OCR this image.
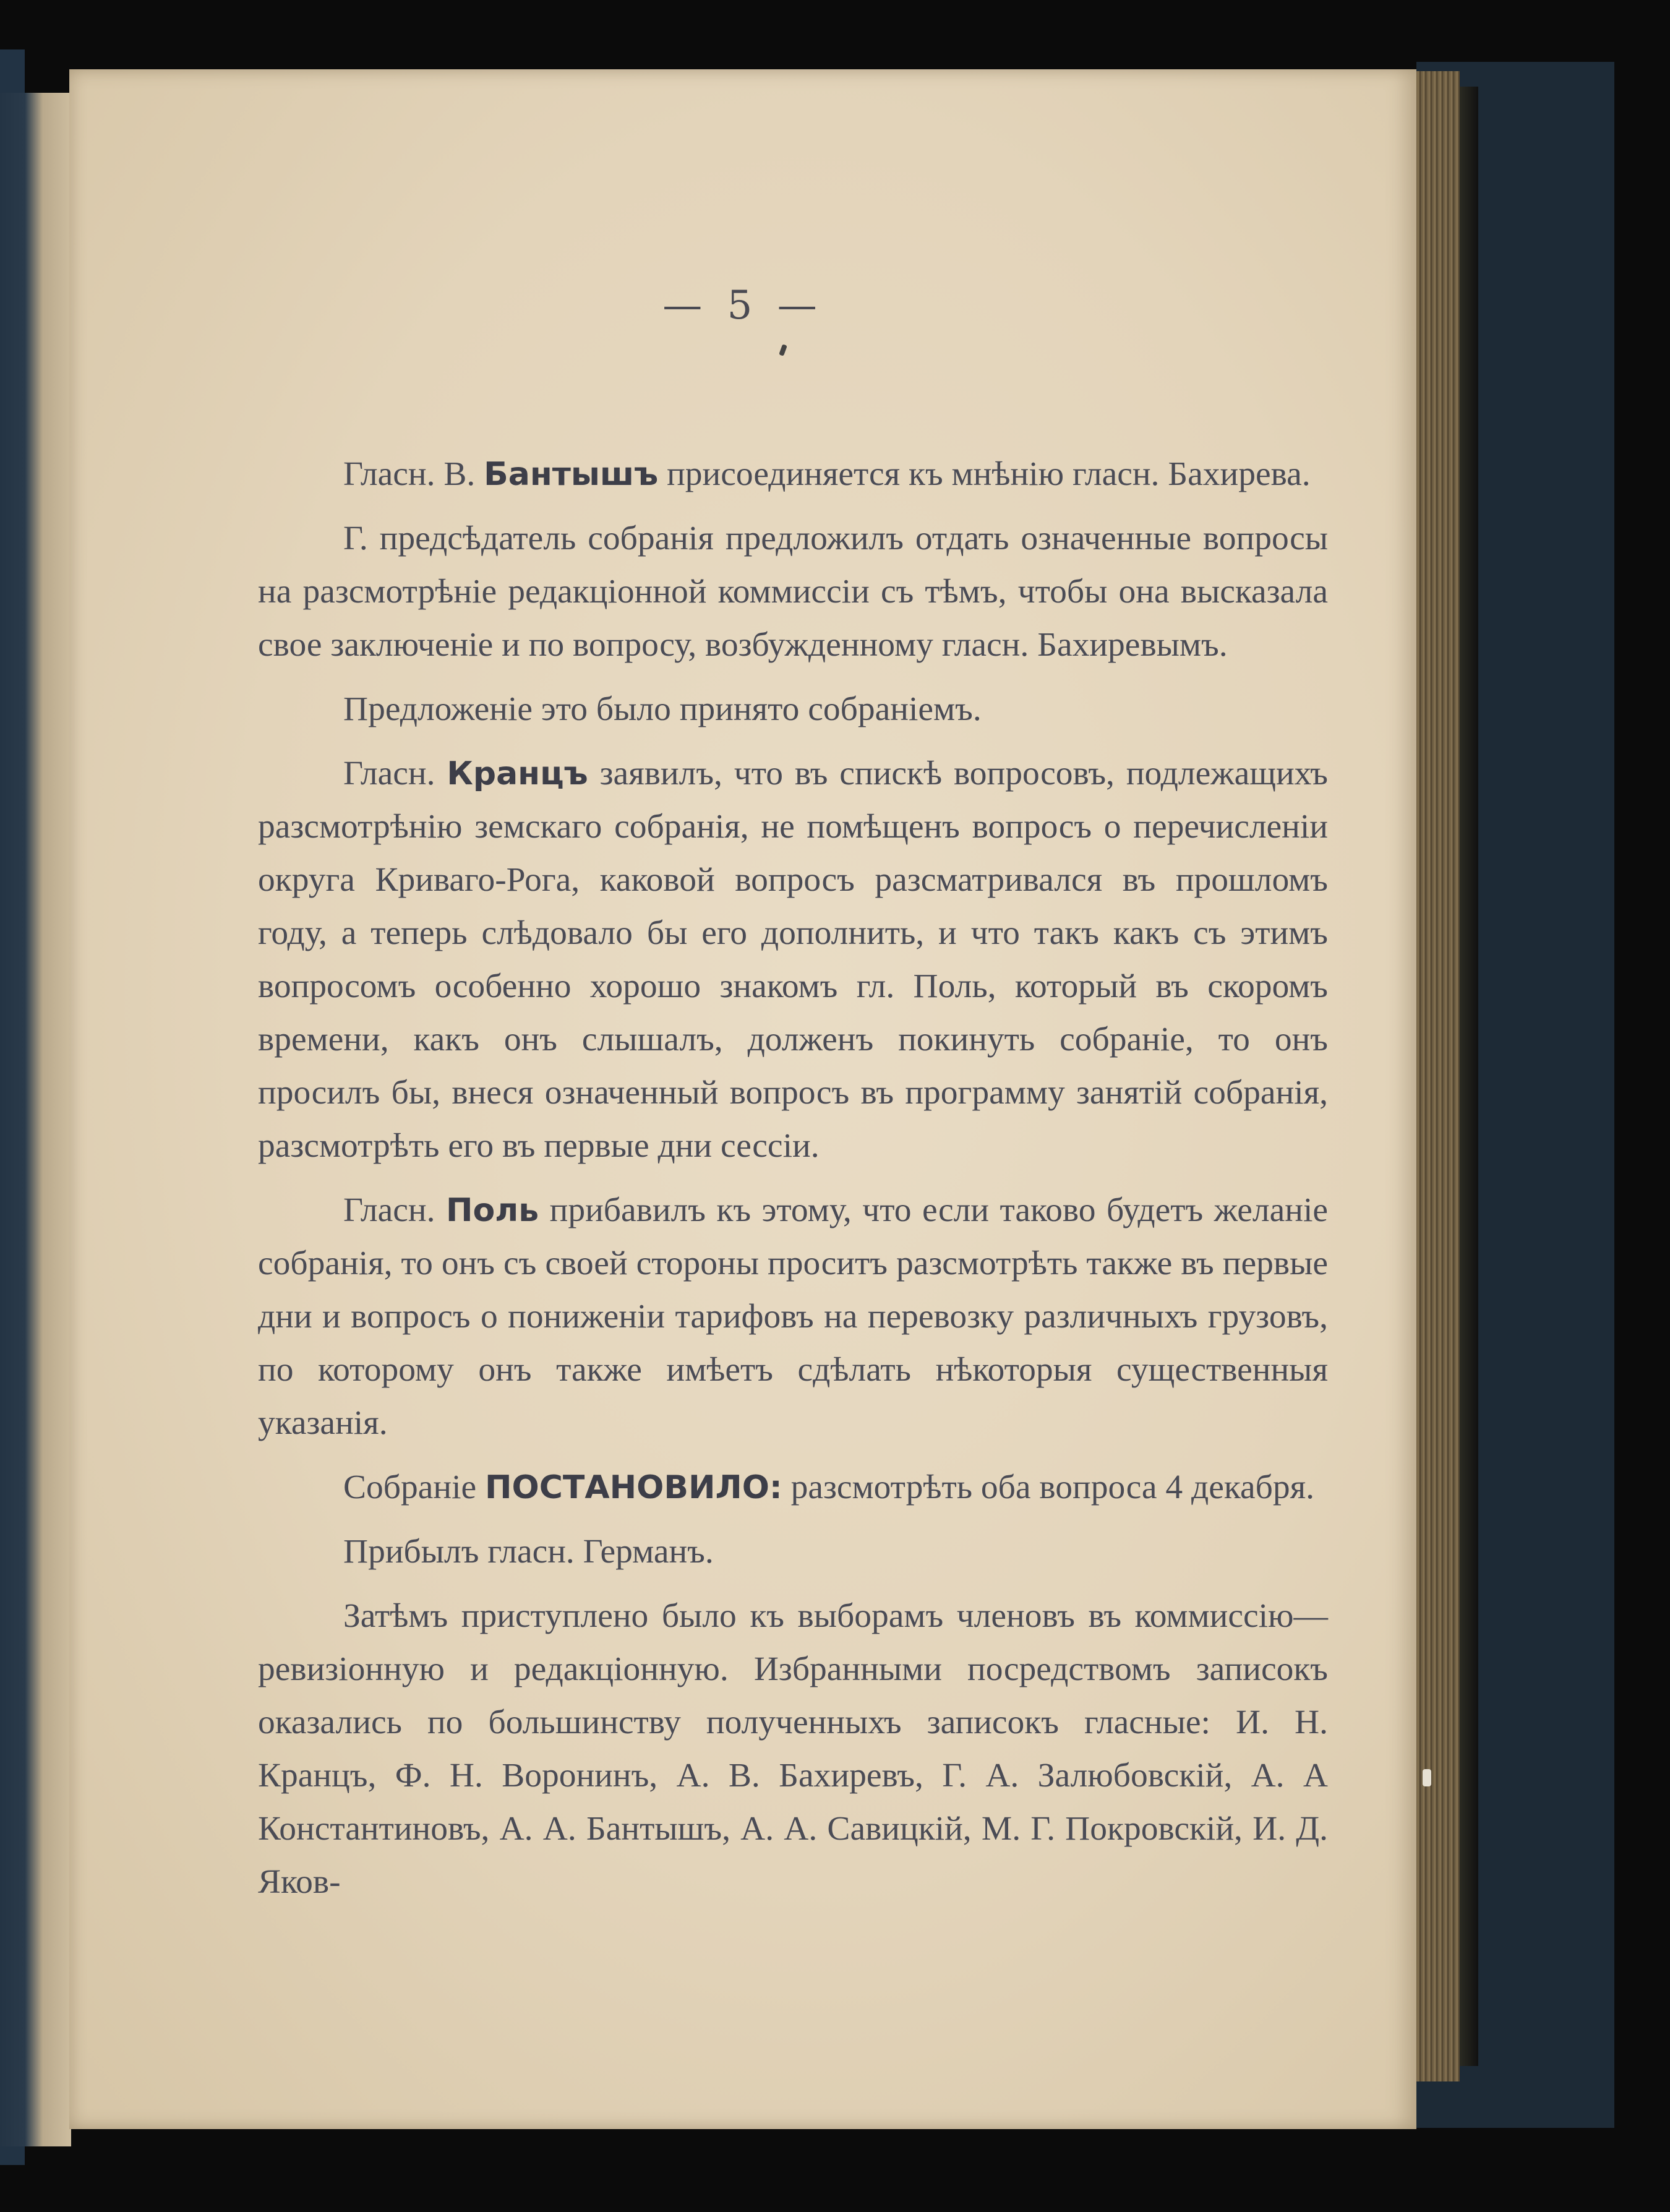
— 5 —

Гласн. В. Бантышъ присоединяется къ мнѣнію гласн. Бахирева.

Г. предсѣдатель собранія предложилъ отдать означенные вопросы на разсмотрѣніе редакціонной коммиссіи съ тѣмъ, чтобы она высказала свое заключеніе и по вопросу, возбужденному гласн. Бахиревымъ.

Предложеніе это было принято собраніемъ.

Гласн. Кранцъ заявилъ, что въ спискѣ вопросовъ, подлежащихъ разсмотрѣнію земскаго собранія, не помѣщенъ вопросъ о перечисленіи округа Криваго-Рога, каковой вопросъ разсматривался въ прошломъ году, а теперь слѣдовало бы его дополнить, и что такъ какъ съ этимъ вопросомъ особенно хорошо знакомъ гл. Поль, который въ скоромъ времени, какъ онъ слышалъ, долженъ покинуть собраніе, то онъ просилъ бы, внеся означенный вопросъ въ программу занятій собранія, разсмотрѣть его въ первые дни сессіи.

Гласн. Поль прибавилъ къ этому, что если таково будетъ желаніе собранія, то онъ съ своей стороны проситъ разсмотрѣть также въ первые дни и вопросъ о пониженіи тарифовъ на перевозку различныхъ грузовъ, по которому онъ также имѣетъ сдѣлать нѣкоторыя существенныя указанія.

Собраніе ПОСТАНОВИЛО: разсмотрѣть оба вопроса 4 декабря.

Прибылъ гласн. Германъ.

Затѣмъ приступлено было къ выборамъ членовъ въ коммиссію—ревизіонную и редакціонную. Избранными посредствомъ записокъ оказались по большинству полученныхъ записокъ гласные: И. Н. Кранцъ, Ф. Н. Воронинъ, А. В. Бахиревъ, Г. А. Залюбовскій, А. А Константиновъ, А. А. Бантышъ, А. А. Савицкій, М. Г. Покровскій, И. Д. Яков-
